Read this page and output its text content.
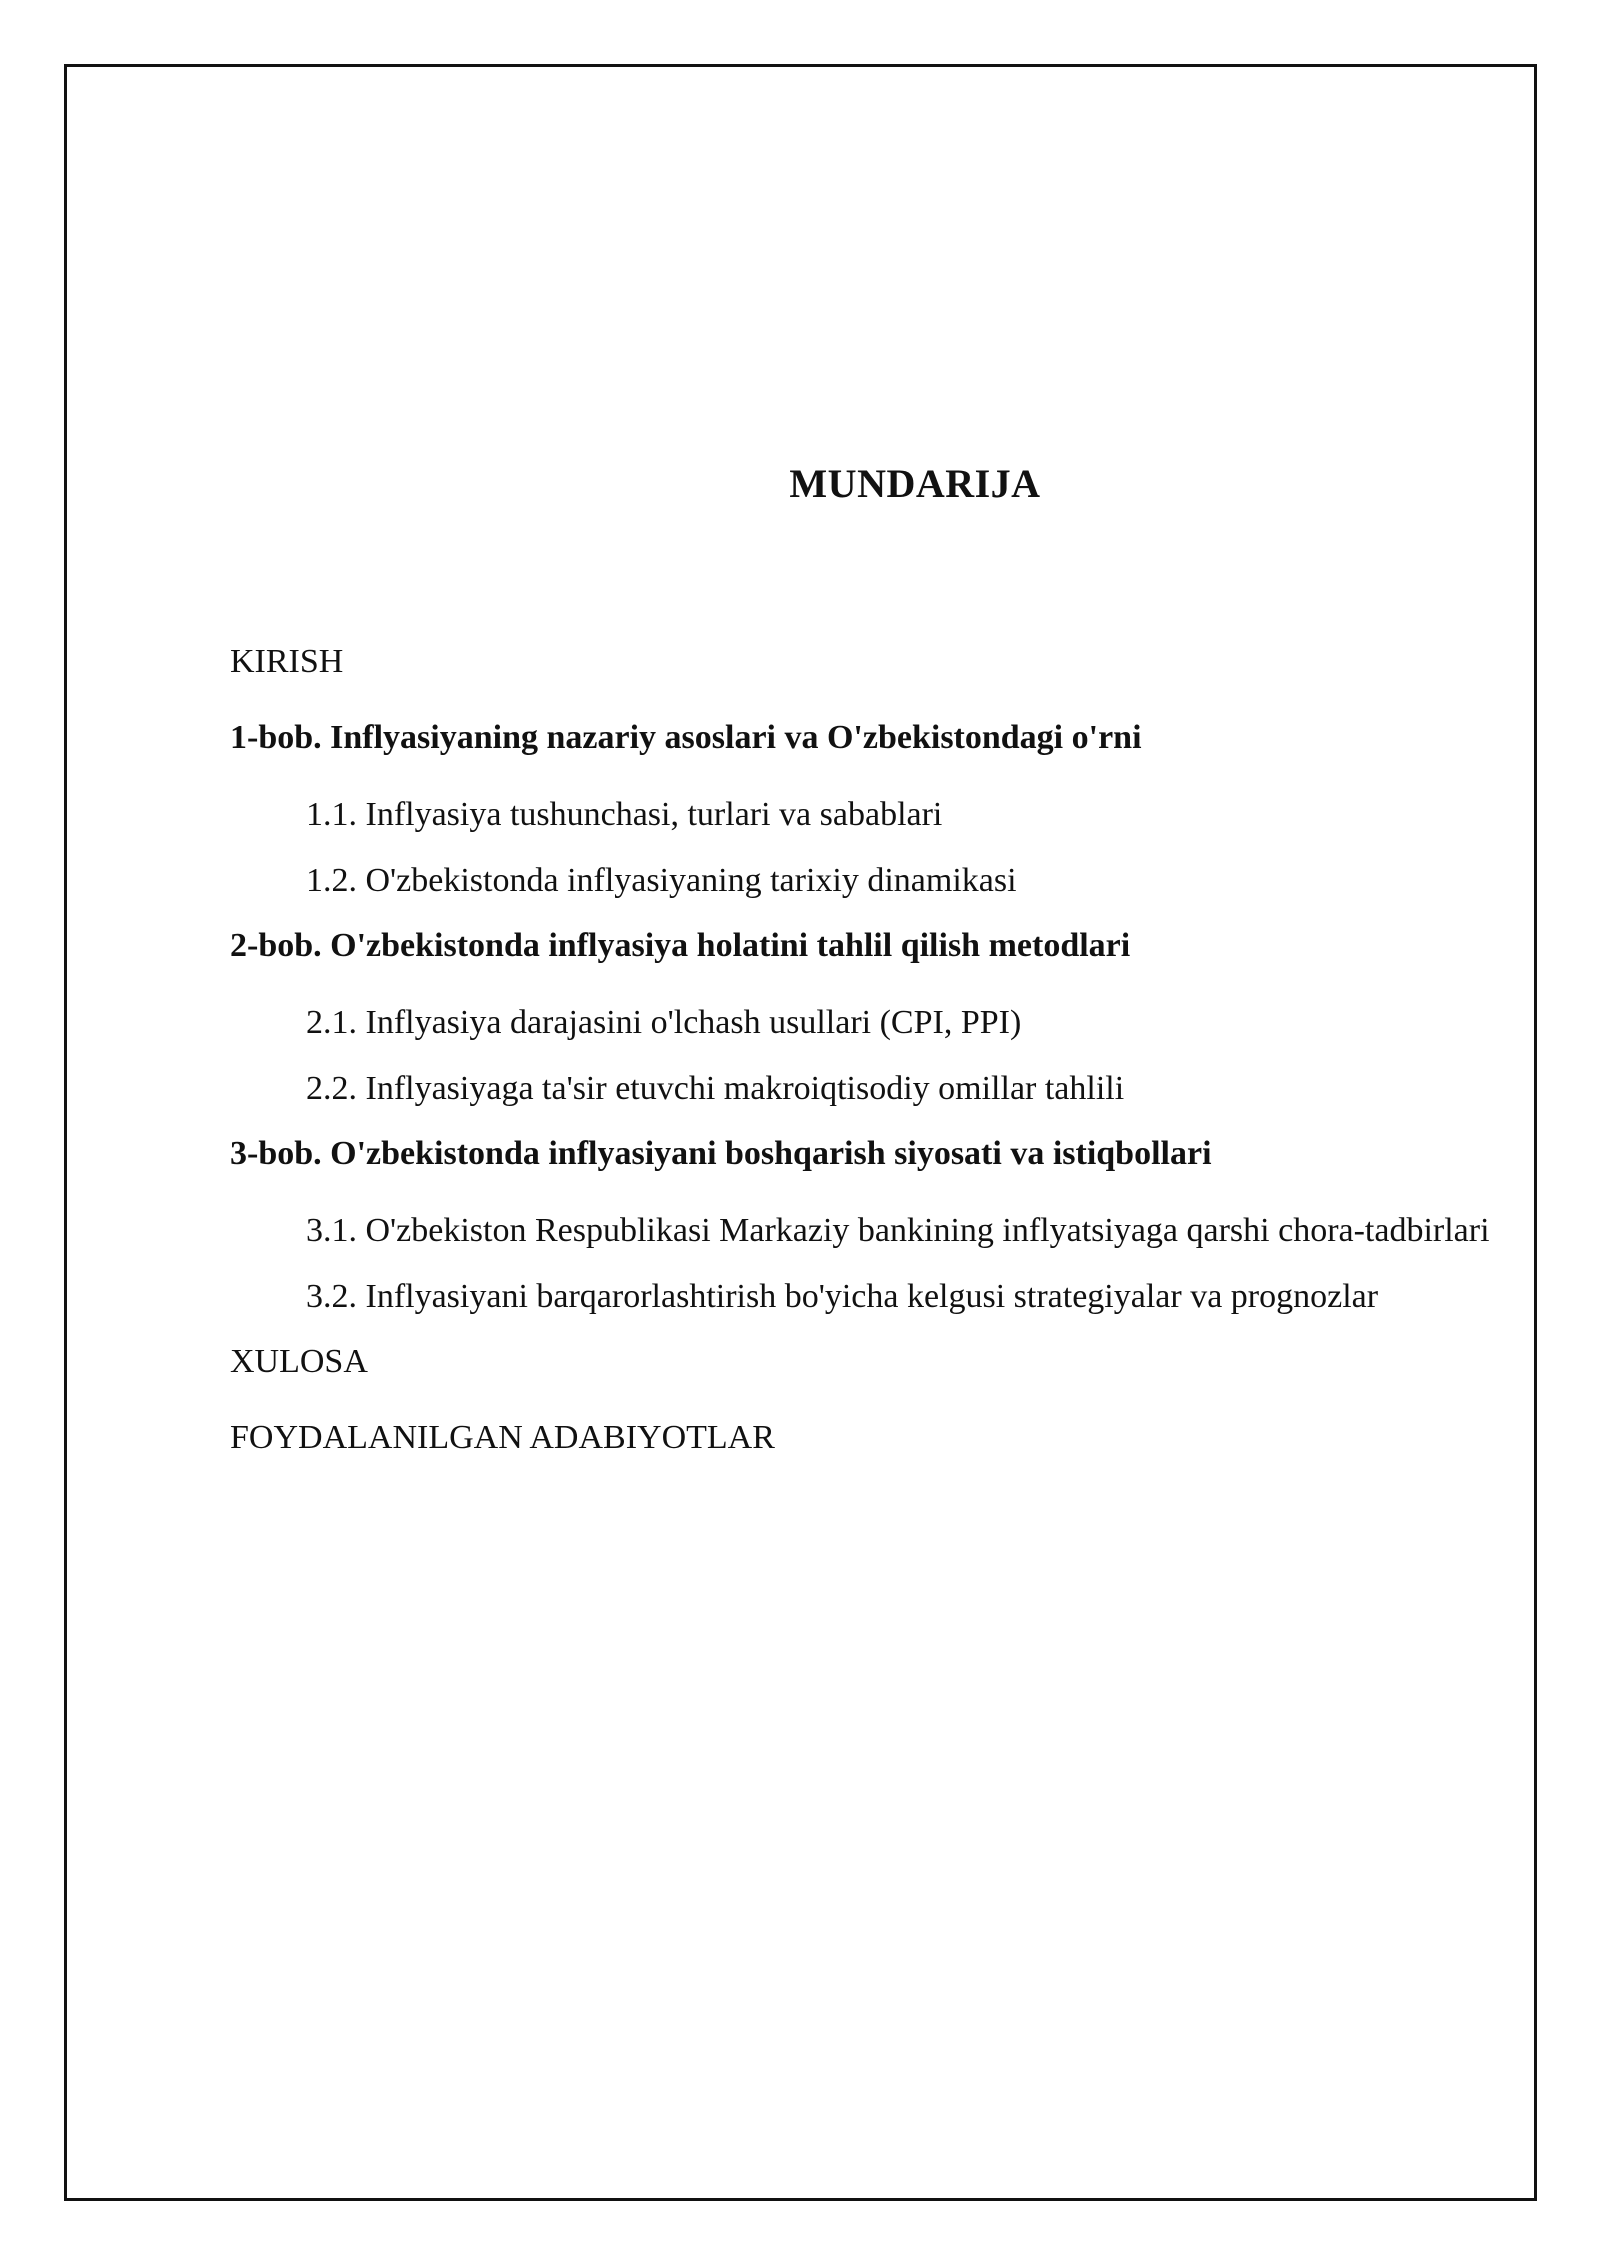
MUNDARIJA
KIRISH
1-bob. Inflyasiyaning nazariy asoslari va O'zbekistondagi o'rni
1.1. Inflyasiya tushunchasi, turlari va sabablari
1.2. O'zbekistonda inflyasiyaning tarixiy dinamikasi
2-bob. O'zbekistonda inflyasiya holatini tahlil qilish metodlari
2.1. Inflyasiya darajasini o'lchash usullari (CPI, PPI)
2.2. Inflyasiyaga ta'sir etuvchi makroiqtisodiy omillar tahlili
3-bob. O'zbekistonda inflyasiyani boshqarish siyosati va istiqbollari
3.1. O'zbekiston Respublikasi Markaziy bankining inflyatsiyaga qarshi chora-tadbirlari
3.2. Inflyasiyani barqarorlashtirish bo'yicha kelgusi strategiyalar va prognozlar
XULOSA
FOYDALANILGAN ADABIYOTLAR
